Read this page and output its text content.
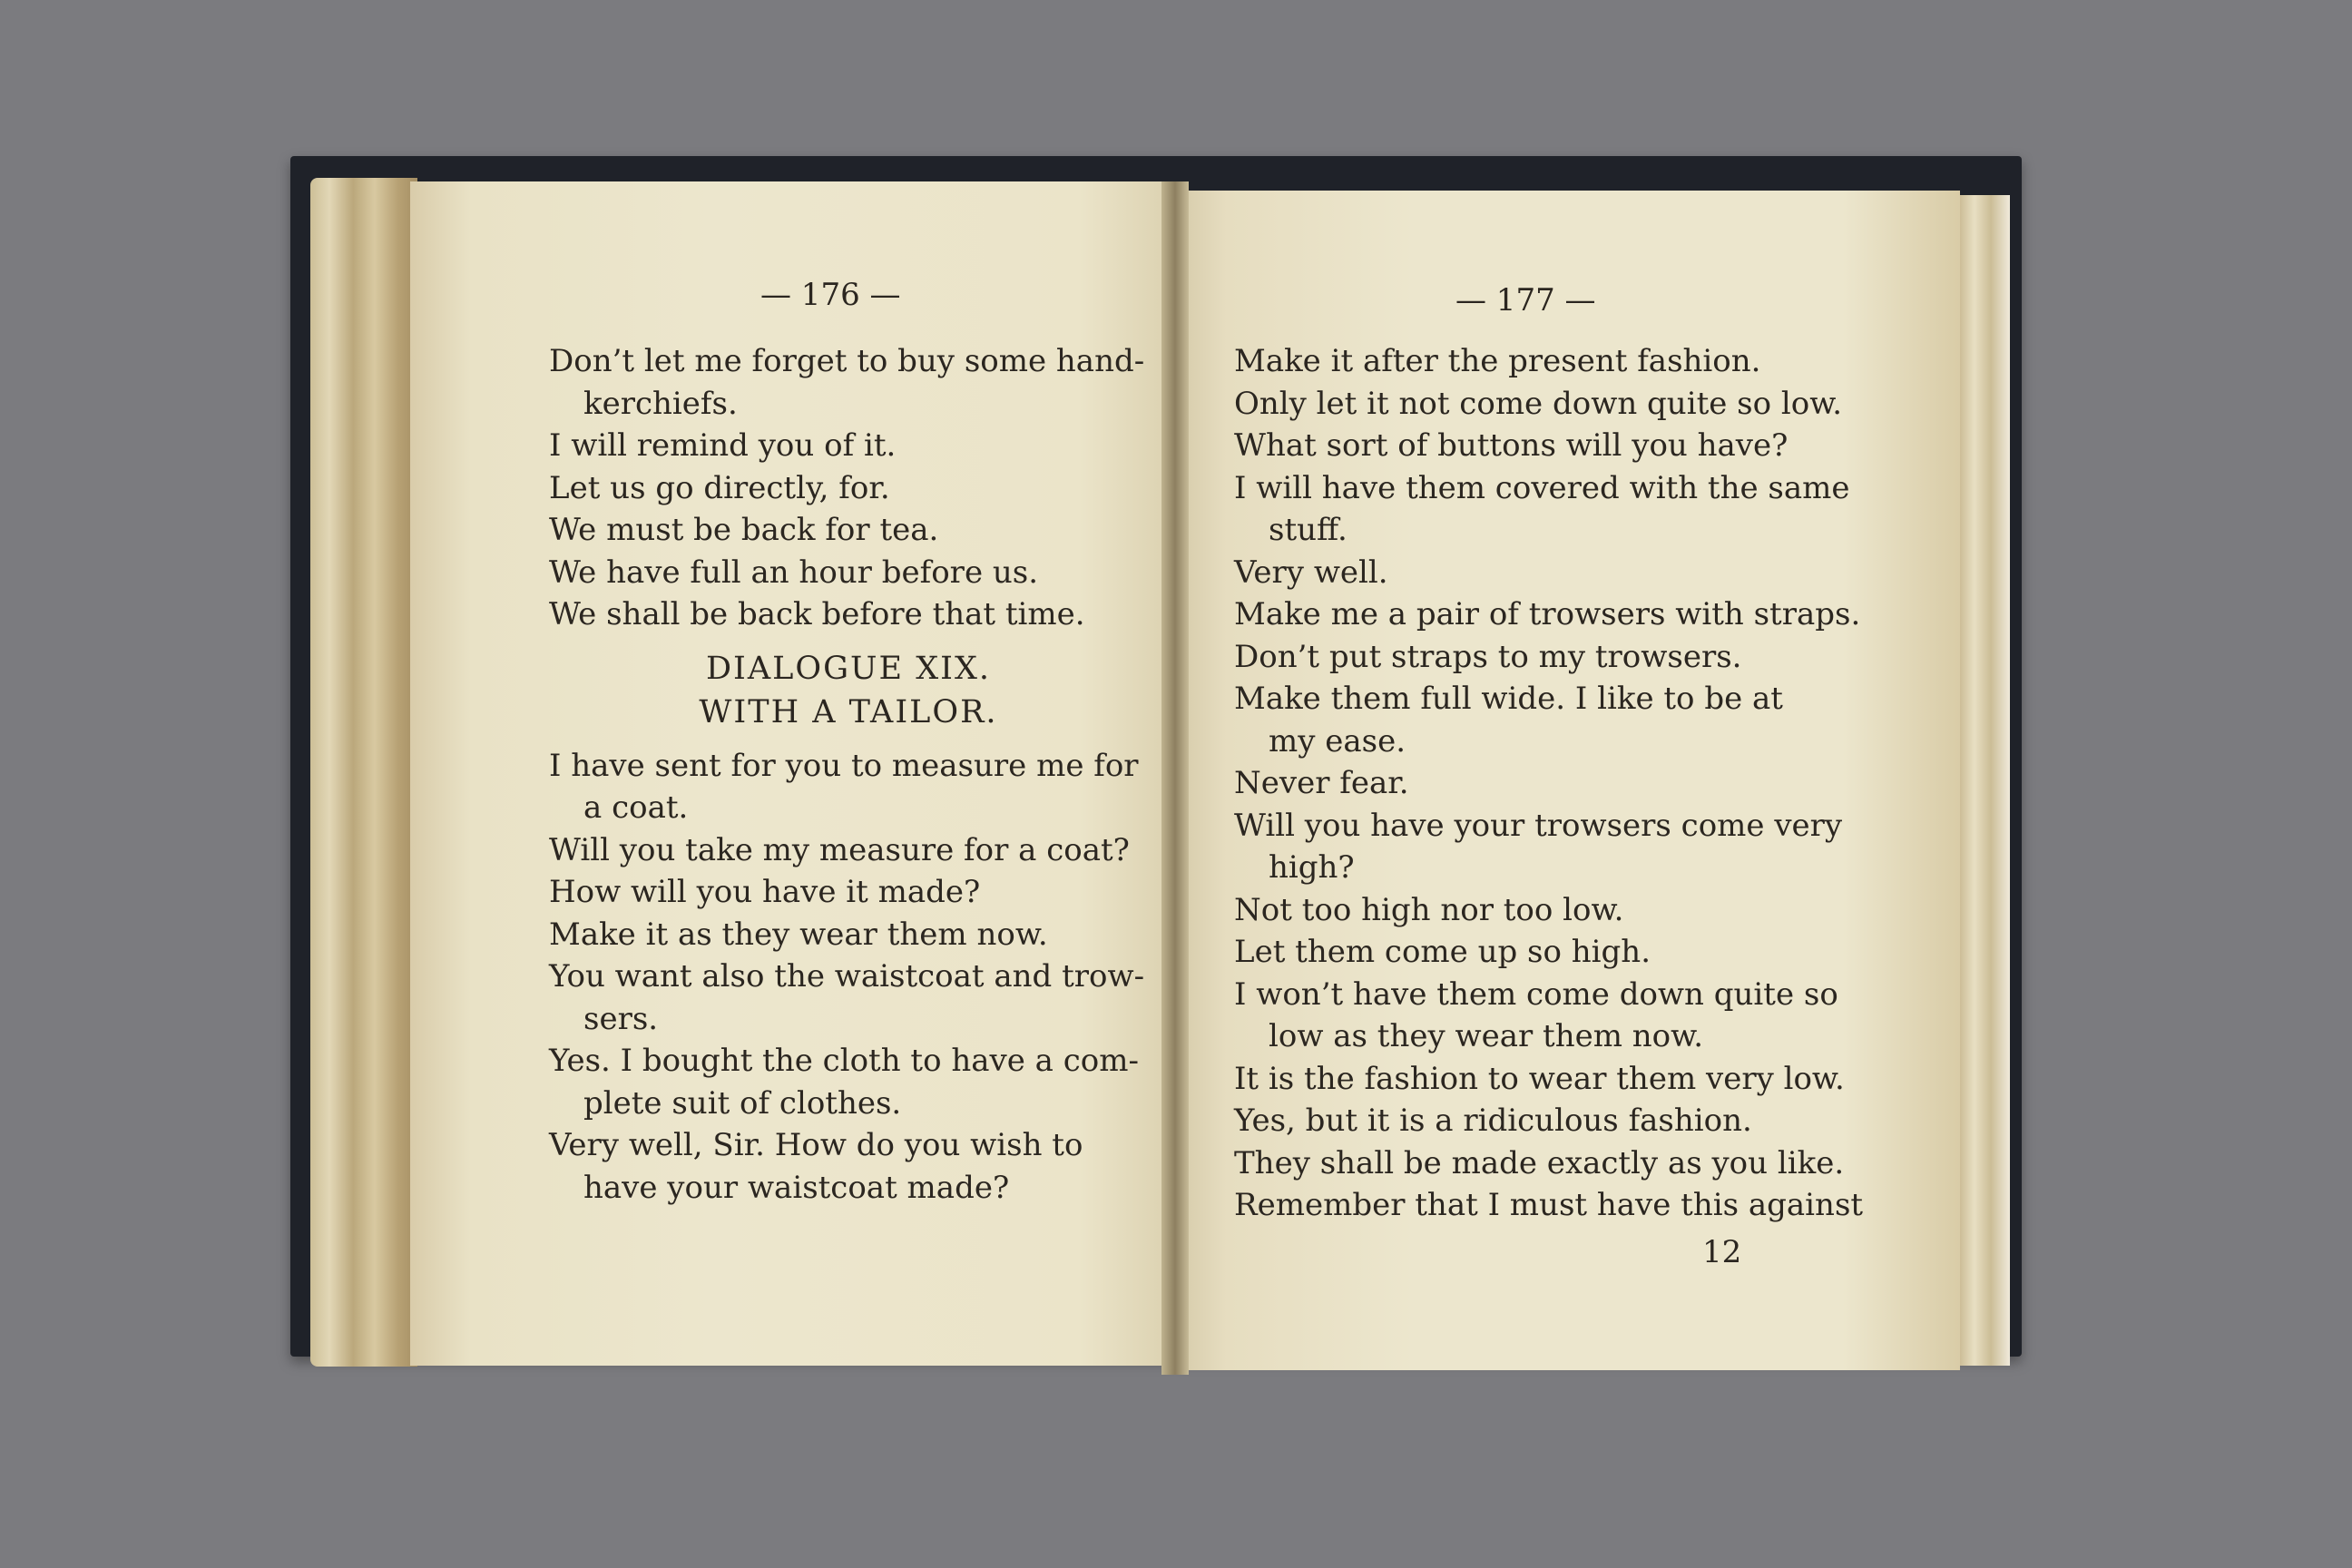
— 176 —	— 177 —
Don’t let me forget to buy some hand-
kerchiefs.
I will remind you of it.
Let us go directly, for.
We must be back for tea.
We have full an hour before us.
We shall be back before that time.
DIALOGUE XIX.
WITH A TAILOR.
I have sent for you to measure me for
a coat.
Will you take my measure for a coat?
How will you have it made?
Make it as they wear them now.
You want also the waistcoat and trow-
sers.
Yes. I bought the cloth to have a com-
plete suit of clothes.
Very well, Sir. How do you wish to
have your waistcoat made?
Make it after the present fashion.
Only let it not come down quite so low.
What sort of buttons will you have?
I will have them covered with the same
stuff.
Very well.
Make me a pair of trowsers with straps.
Don’t put straps to my trowsers.
Make them full wide. I like to be at
my ease.
Never fear.
Will you have your trowsers come very
high?
Not too high nor too low.
Let them come up so high.
I won’t have them come down quite so
low as they wear them now.
It is the fashion to wear them very low.
Yes, but it is a ridiculous fashion.
They shall be made exactly as you like.
Remember that I must have this against
12
